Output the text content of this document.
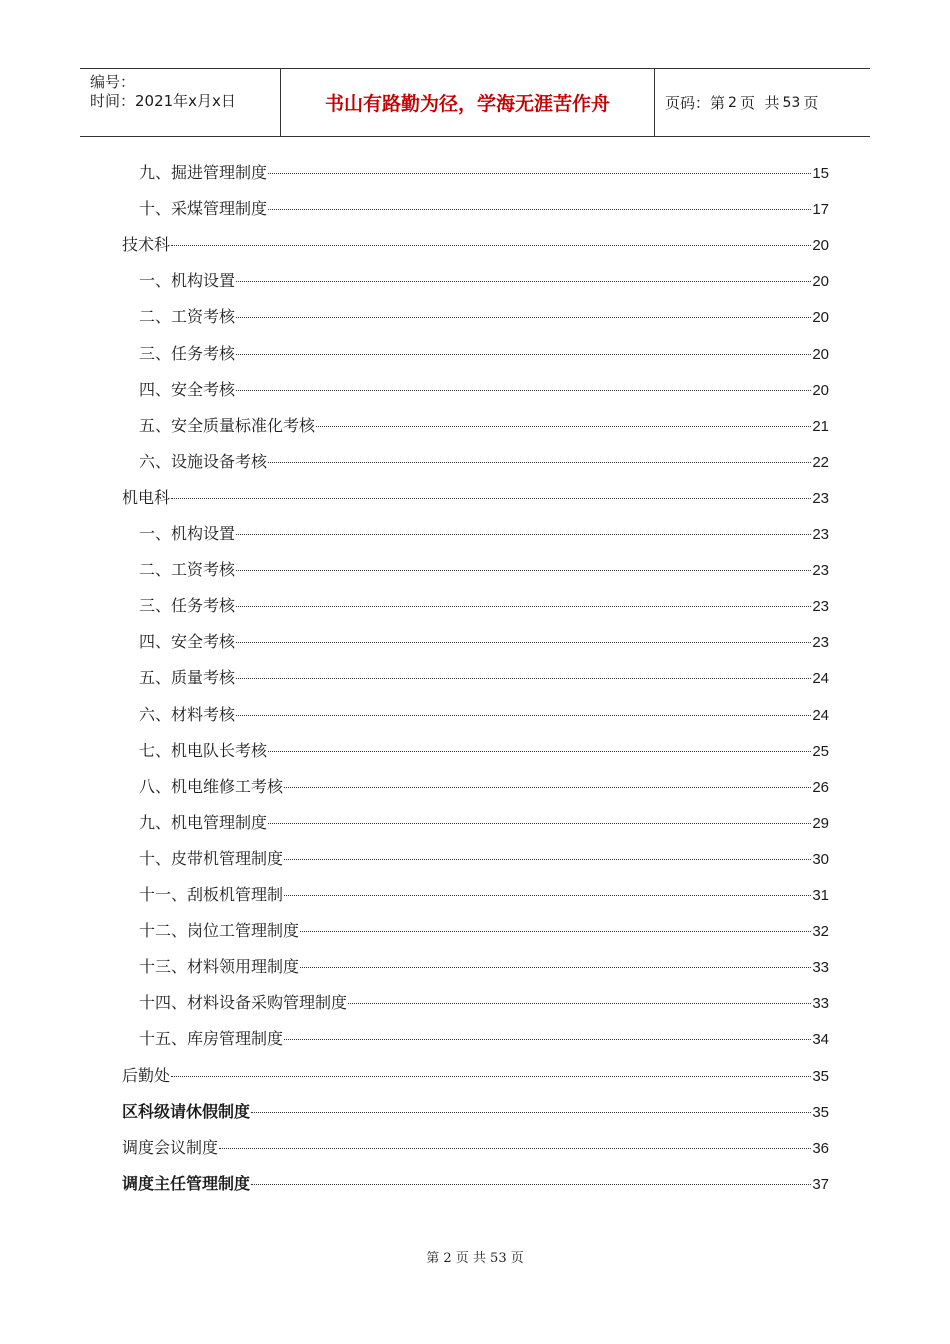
编号：
时间：2021年x月x日	书山有路勤为径，学海无涯苦作舟	页码：第 2 页  共 53 页
九、掘进管理制度	15
十、采煤管理制度	17
技术科	20
一、机构设置	20
二、工资考核	20
三、任务考核	20
四、安全考核	20
五、安全质量标准化考核	21
六、设施设备考核	22
机电科	23
一、机构设置	23
二、工资考核	23
三、任务考核	23
四、安全考核	23
五、质量考核	24
六、材料考核	24
七、机电队长考核	25
八、机电维修工考核	26
九、机电管理制度	29
十、皮带机管理制度	30
十一、刮板机管理制	31
十二、岗位工管理制度	32
十三、材料领用理制度	33
十四、材料设备采购管理制度	33
十五、库房管理制度	34
后勤处	35
区科级请休假制度	35
调度会议制度	36
调度主任管理制度	37
第 2 页 共 53 页
